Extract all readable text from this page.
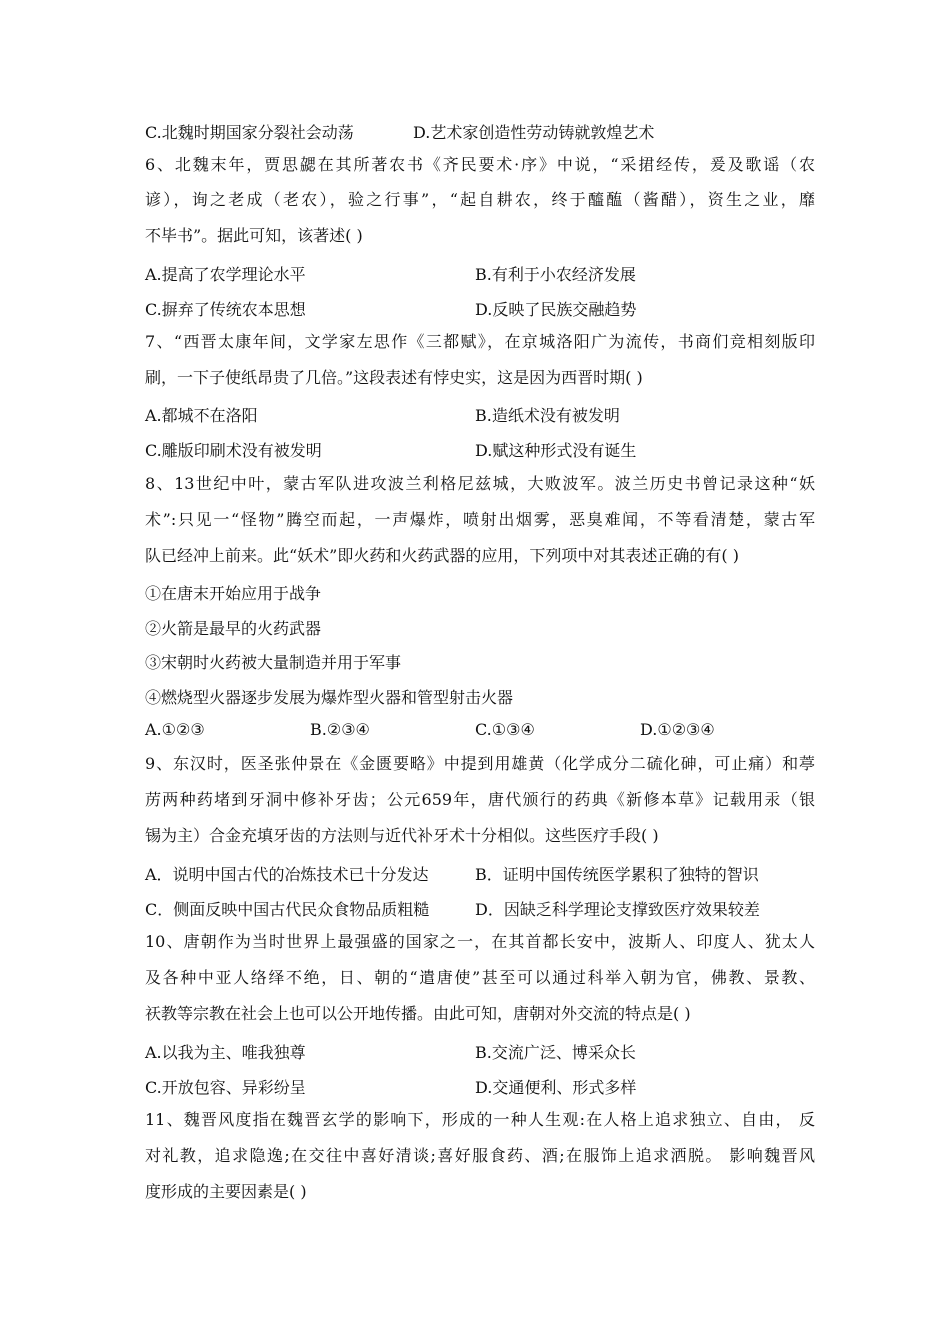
C.北魏时期国家分裂社会动荡	D.艺术家创造性劳动铸就敦煌艺术
6、北魏末年，贾思勰在其所著农书《齐民要术·序》中说，“采捃经传，爰及歌谣（农
谚），询之老成（老农），验之行事”，“起自耕农，终于醯醢（酱醋），资生之业，靡
不毕书”。据此可知，该著述( )
A.提高了农学理论水平	B.有利于小农经济发展
C.摒弃了传统农本思想	D.反映了民族交融趋势
7、“西晋太康年间，文学家左思作《三都赋》，在京城洛阳广为流传，书商们竞相刻版印
刷，一下子使纸昂贵了几倍。”这段表述有悖史实，这是因为西晋时期( )
A.都城不在洛阳	B.造纸术没有被发明
C.雕版印刷术没有被发明	D.赋这种形式没有诞生
8、13世纪中叶，蒙古军队进攻波兰利格尼兹城，大败波军。波兰历史书曾记录这种“妖
术”:只见一“怪物”腾空而起，一声爆炸，喷射出烟雾，恶臭难闻，不等看清楚，蒙古军
队已经冲上前来。此“妖术”即火药和火药武器的应用，下列项中对其表述正确的有( )
①在唐末开始应用于战争
②火箭是最早的火药武器
③宋朝时火药被大量制造并用于军事
④燃烧型火器逐步发展为爆炸型火器和管型射击火器
A.①②③	B.②③④	C.①③④	D.①②③④
9、东汉时，医圣张仲景在《金匮要略》中提到用雄黄（化学成分二硫化砷，可止痛）和葶
苈两种药堵到牙洞中修补牙齿；公元659年，唐代颁行的药典《新修本草》记载用汞（银
锡为主）合金充填牙齿的方法则与近代补牙术十分相似。这些医疗手段( )
A．说明中国古代的冶炼技术已十分发达	B．证明中国传统医学累积了独特的智识
C．侧面反映中国古代民众食物品质粗糙	D．因缺乏科学理论支撑致医疗效果较差
10、唐朝作为当时世界上最强盛的国家之一，在其首都长安中，波斯人、印度人、犹太人
及各种中亚人络绎不绝，日、朝的“遣唐使”甚至可以通过科举入朝为官，佛教、景教、
祆教等宗教在社会上也可以公开地传播。由此可知，唐朝对外交流的特点是( )
A.以我为主、唯我独尊	B.交流广泛、博采众长
C.开放包容、异彩纷呈	D.交通便利、形式多样
11、魏晋风度指在魏晋玄学的影响下，形成的一种人生观:在人格上追求独立、自由， 反
对礼教，追求隐逸;在交往中喜好清谈;喜好服食药、酒;在服饰上追求洒脱。 影响魏晋风
度形成的主要因素是( )
